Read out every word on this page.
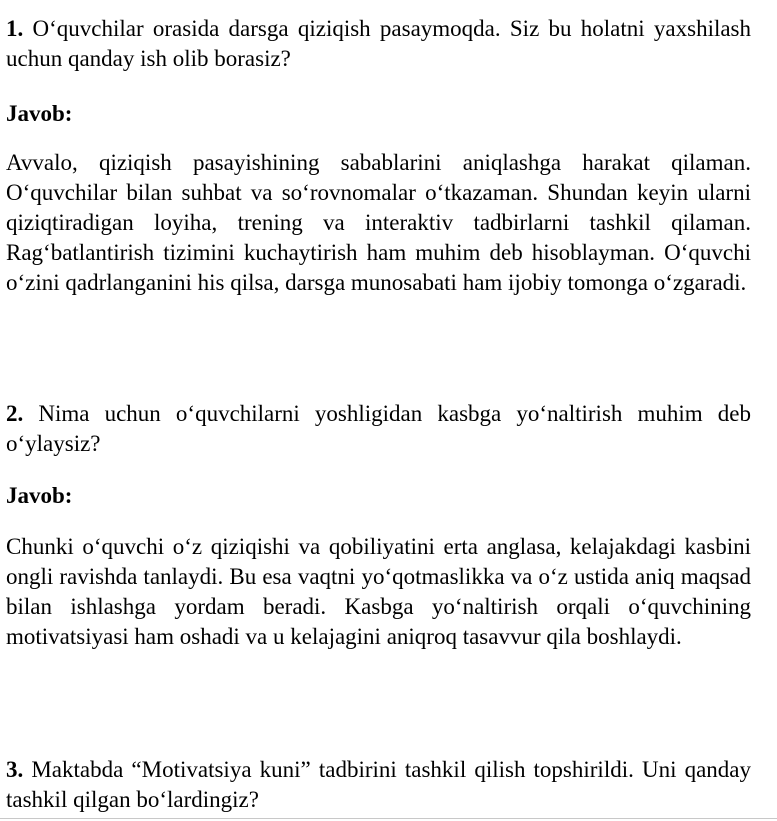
1. O‘quvchilar orasida darsga qiziqish pasaymoqda. Siz bu holatni yaxshilash uchun qanday ish olib borasiz?

Javob:

Avvalo, qiziqish pasayishining sabablarini aniqlashga harakat qilaman. O‘quvchilar bilan suhbat va so‘rovnomalar o‘tkazaman. Shundan keyin ularni qiziqtiradigan loyiha, trening va interaktiv tadbirlarni tashkil qilaman. Rag‘batlantirish tizimini kuchaytirish ham muhim deb hisoblayman. O‘quvchi o‘zini qadrlanganini his qilsa, darsga munosabati ham ijobiy tomonga o‘zgaradi.

2. Nima uchun o‘quvchilarni yoshligidan kasbga yo‘naltirish muhim deb o‘ylaysiz?

Javob:

Chunki o‘quvchi o‘z qiziqishi va qobiliyatini erta anglasa, kelajakdagi kasbini ongli ravishda tanlaydi. Bu esa vaqtni yo‘qotmaslikka va o‘z ustida aniq maqsad bilan ishlashga yordam beradi. Kasbga yo‘naltirish orqali o‘quvchining motivatsiyasi ham oshadi va u kelajagini aniqroq tasavvur qila boshlaydi.

3. Maktabda “Motivatsiya kuni” tadbirini tashkil qilish topshirildi. Uni qanday tashkil qilgan bo‘lardingiz?
